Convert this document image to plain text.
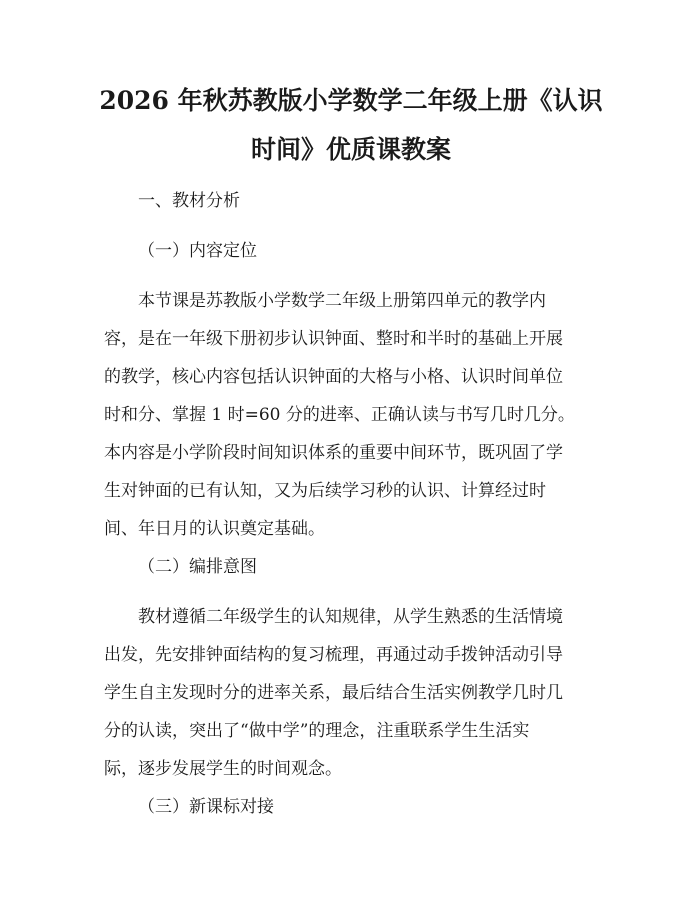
2026 年秋苏教版小学数学二年级上册《认识
时间》优质课教案

一、教材分析

（一）内容定位

本节课是苏教版小学数学二年级上册第四单元的教学内

容，是在一年级下册初步认识钟面、整时和半时的基础上开展

的教学，核心内容包括认识钟面的大格与小格、认识时间单位

时和分、掌握 1 时=60 分的进率、正确认读与书写几时几分。

本内容是小学阶段时间知识体系的重要中间环节，既巩固了学

生对钟面的已有认知，又为后续学习秒的认识、计算经过时

间、年日月的认识奠定基础。

（二）编排意图

教材遵循二年级学生的认知规律，从学生熟悉的生活情境

出发，先安排钟面结构的复习梳理，再通过动手拨钟活动引导

学生自主发现时分的进率关系，最后结合生活实例教学几时几

分的认读，突出了“做中学”的理念，注重联系学生生活实

际，逐步发展学生的时间观念。

（三）新课标对接
